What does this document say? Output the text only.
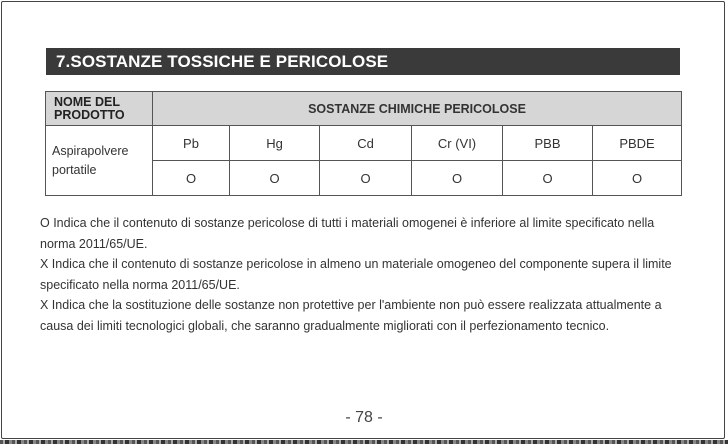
7.SOSTANZE TOSSICHE E PERICOLOSE
NOME DEL PRODOTTO	SOSTANZE CHIMICHE PERICOLOSE					
Aspirapolvere portatile	Pb	Hg	Cd	Cr (VI)	PBB	PBDE
	O	O	O	O	O	O

O Indica che il contenuto di sostanze pericolose di tutti i materiali omogenei è inferiore al limite specificato nella norma 2011/65/UE.

X Indica che il contenuto di sostanze pericolose in almeno un materiale omogeneo del componente supera il limite specificato nella norma 2011/65/UE.

X Indica che la sostituzione delle sostanze non protettive per l'ambiente non può essere realizzata attualmente a causa dei limiti tecnologici globali, che saranno gradualmente migliorati con il perfezionamento tecnico.

- 78 -
